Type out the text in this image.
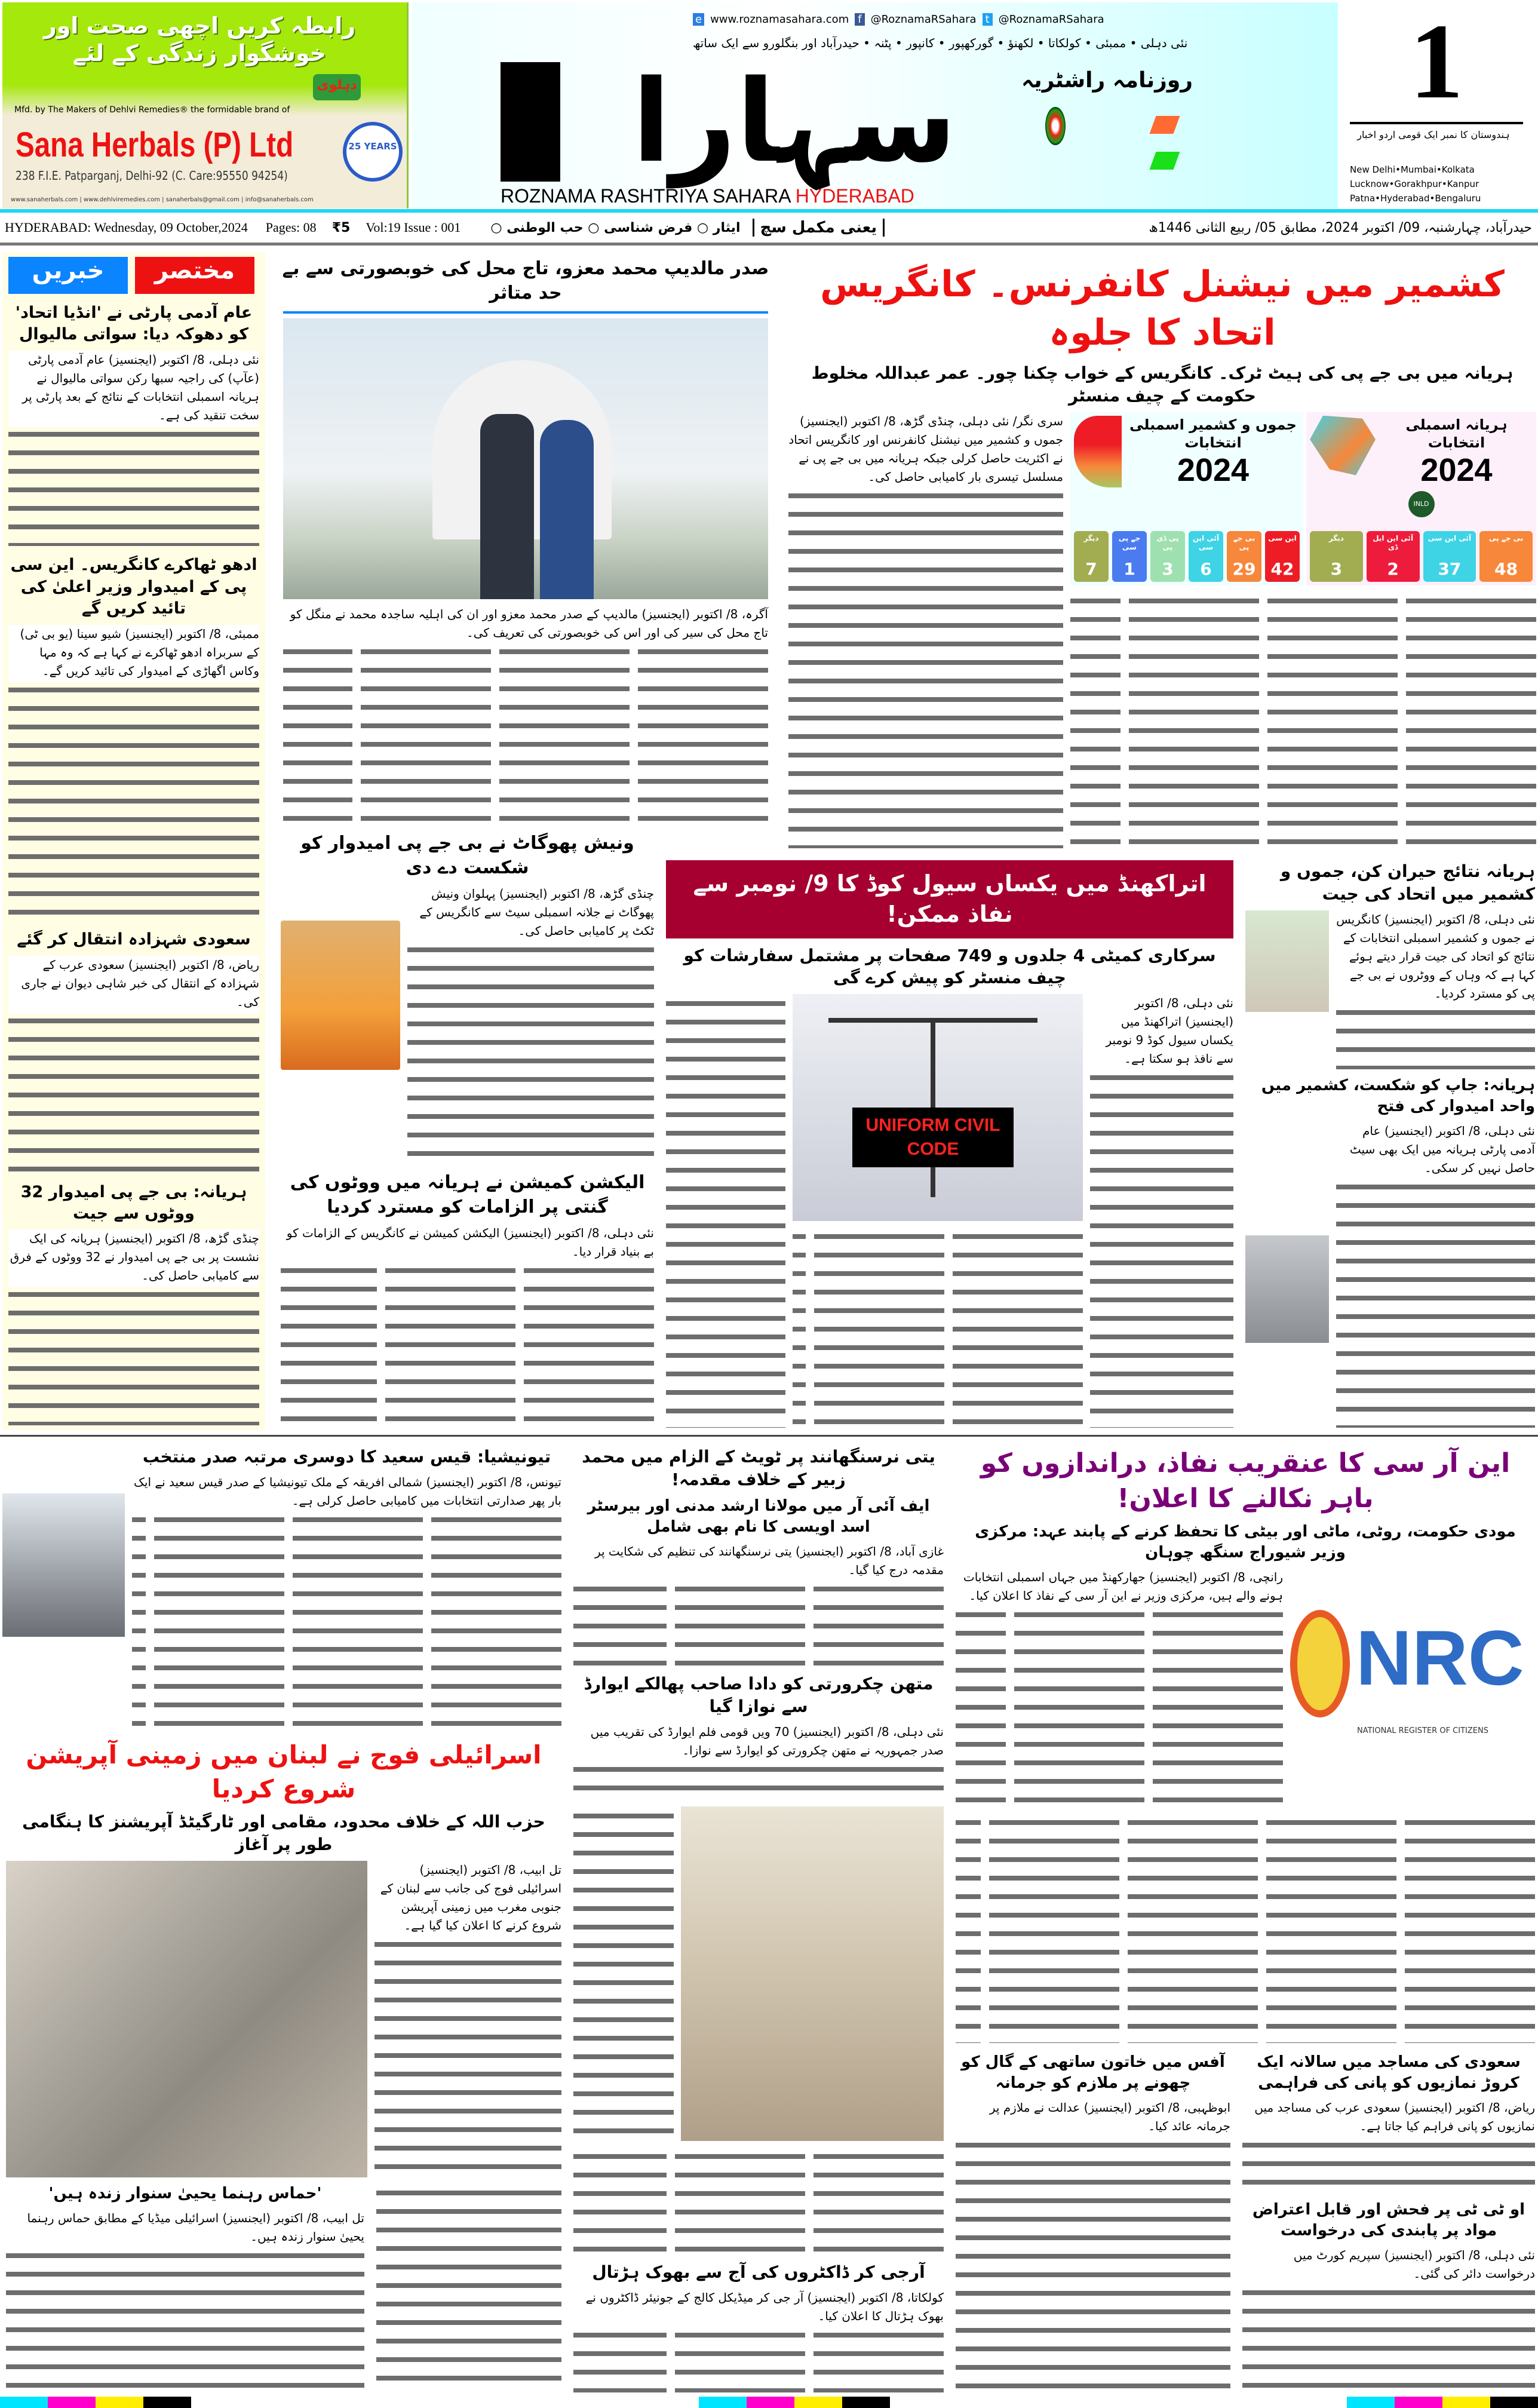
رابطہ کریں اچھی صحت اور خوشگوار زندگی کے لئے
Mfd. by The Makers of Dehlvi Remedies® the formidable brand of
دہلوی
Sana Herbals (P) Ltd
238 F.I.E. Patparganj, Delhi-92 (C. Care:95550 94254)
www.sanaherbals.com | www.dehlviremedies.com | sanaherbals@gmail.com | info@sanaherbals.com
25 YEARS	سہارا	روزنامہ راشٹریہ
ROZNAMA RASHTRIYA SAHARA HYDERABAD
e www.roznamasahara.com f @RoznamaRSahara t @RoznamaRSahara
نئی دہلی • ممبئی • کولکاتا • لکھنؤ • گورکھپور • کانپور • پٹنہ • حیدرآباد اور بنگلورو سے ایک ساتھ 1
ہندوستان کا نمبر ایک قومی اردو اخبار
New Delhi•Mumbai•Kolkata
Lucknow•Gorakhpur•Kanpur
Patna•Hyderabad•Bengaluru
HYDERABAD: Wednesday, 09 October,2024 Pages: 08 ₹5 Vol:19 Issue : 001 ایثار ○ فرض شناسی ○ حب الوطنی ○	یعنی مکمل سچ	حیدرآباد، چہارشنبہ، 09/ اکتوبر 2024، مطابق 05/ ربیع الثانی 1446ھ
خبریں	مختصر
عام آدمی پارٹی نے 'انڈیا اتحاد' کو دھوکہ دیا: سواتی مالیوال
نئی دہلی، 8/ اکتوبر (ایجنسیز) عام آدمی پارٹی (عآپ) کی راجیہ سبھا رکن سواتی مالیوال نے ہریانہ اسمبلی انتخابات کے نتائج کے بعد پارٹی پر سخت تنقید کی ہے۔
ادھو ٹھاکرے کانگریس۔ این سی پی کے امیدوار وزیر اعلیٰ کی تائید کریں گے
ممبئی، 8/ اکتوبر (ایجنسیز) شیو سینا (یو بی ٹی) کے سربراہ ادھو ٹھاکرے نے کہا ہے کہ وہ مہا وکاس اگھاڑی کے امیدوار کی تائید کریں گے۔
سعودی شہزادہ انتقال کر گئے
ریاض، 8/ اکتوبر (ایجنسیز) سعودی عرب کے شہزادہ کے انتقال کی خبر شاہی دیوان نے جاری کی۔
ہریانہ: بی جے پی امیدوار 32 ووٹوں سے جیت
چنڈی گڑھ، 8/ اکتوبر (ایجنسیز) ہریانہ کی ایک نشست پر بی جے پی امیدوار نے 32 ووٹوں کے فرق سے کامیابی حاصل کی۔
صدر مالدیپ محمد معزو، تاج محل کی خوبصورتی سے بے حد متاثر
آگرہ، 8/ اکتوبر (ایجنسیز) مالدیپ کے صدر محمد معزو اور ان کی اہلیہ ساجدہ محمد نے منگل کو تاج محل کی سیر کی اور اس کی خوبصورتی کی تعریف کی۔
ونیش پھوگاٹ نے بی جے پی امیدوار کو شکست دے دی
چنڈی گڑھ، 8/ اکتوبر (ایجنسیز) پہلوان ونیش پھوگاٹ نے جلانہ اسمبلی سیٹ سے کانگریس کے ٹکٹ پر کامیابی حاصل کی۔
الیکشن کمیشن نے ہریانہ میں ووٹوں کی گنتی پر الزامات کو مسترد کردیا
نئی دہلی، 8/ اکتوبر (ایجنسیز) الیکشن کمیشن نے کانگریس کے الزامات کو بے بنیاد قرار دیا۔
کشمیر میں نیشنل کانفرنس۔ کانگریس اتحاد کا جلوہ
ہریانہ میں بی جے پی کی ہیٹ ٹرک۔ کانگریس کے خواب چکنا چور۔ عمر عبداللہ مخلوط حکومت کے چیف منسٹر
ہریانہ اسمبلی انتخابات
2024
INLD
بی جے پی
48
آئی این سی
37
آئی این ایل ڈی
2
دیگر
3
جموں و کشمیر اسمبلی انتخابات
2024
این سی
42
بی جے پی
29
آئی این سی
6
پی ڈی پی
3
جے پی سی
1
دیگر
7
سری نگر/ نئی دہلی، چنڈی گڑھ، 8/ اکتوبر (ایجنسیز) جموں و کشمیر میں نیشنل کانفرنس اور کانگریس اتحاد نے اکثریت حاصل کرلی جبکہ ہریانہ میں بی جے پی نے مسلسل تیسری بار کامیابی حاصل کی۔
اتراکھنڈ میں یکساں سیول کوڈ کا 9/ نومبر سے نفاذ ممکن!
سرکاری کمیٹی 4 جلدوں و 749 صفحات پر مشتمل سفارشات کو چیف منسٹر کو پیش کرے گی
نئی دہلی، 8/ اکتوبر (ایجنسیز) اتراکھنڈ میں یکساں سیول کوڈ 9 نومبر سے نافذ ہو سکتا ہے۔
UNIFORM CIVIL CODE
ہریانہ نتائج حیران کن، جموں و کشمیر میں اتحاد کی جیت
نئی دہلی، 8/ اکتوبر (ایجنسیز) کانگریس نے جموں و کشمیر اسمبلی انتخابات کے نتائج کو اتحاد کی جیت قرار دیتے ہوئے کہا ہے کہ وہاں کے ووٹروں نے بی جے پی کو مسترد کردیا۔
ہریانہ: جاپ کو شکست، کشمیر میں واحد امیدوار کی فتح
نئی دہلی، 8/ اکتوبر (ایجنسیز) عام آدمی پارٹی ہریانہ میں ایک بھی سیٹ حاصل نہیں کر سکی۔
این آر سی کا عنقریب نفاذ، دراندازوں کو باہر نکالنے کا اعلان!
مودی حکومت، روٹی، ماٹی اور بیٹی کا تحفظ کرنے کے پابند عہد: مرکزی وزیر شیوراج سنگھ چوہان
NRC
NATIONAL REGISTER OF CITIZENS
رانچی، 8/ اکتوبر (ایجنسیز) جھارکھنڈ میں جہاں اسمبلی انتخابات ہونے والے ہیں، مرکزی وزیر نے این آر سی کے نفاذ کا اعلان کیا۔
یتی نرسنگھانند پر ٹویٹ کے الزام میں محمد زبیر کے خلاف مقدمہ!
ایف آئی آر میں مولانا ارشد مدنی اور بیرسٹر اسد اویسی کا نام بھی شامل
غازی آباد، 8/ اکتوبر (ایجنسیز) یتی نرسنگھانند کی تنظیم کی شکایت پر مقدمہ درج کیا گیا۔
تیونیشیا: قیس سعید کا دوسری مرتبہ صدر منتخب
تیونس، 8/ اکتوبر (ایجنسیز) شمالی افریقہ کے ملک تیونیشیا کے صدر قیس سعید نے ایک بار پھر صدارتی انتخابات میں کامیابی حاصل کرلی ہے۔
اسرائیلی فوج نے لبنان میں زمینی آپریشن شروع کردیا
حزب اللہ کے خلاف محدود، مقامی اور ٹارگیٹڈ آپریشنز کا ہنگامی طور پر آغاز
تل ابیب، 8/ اکتوبر (ایجنسیز) اسرائیلی فوج کی جانب سے لبنان کے جنوبی مغرب میں زمینی آپریشن شروع کرنے کا اعلان کیا گیا ہے۔
'حماس رہنما یحییٰ سنوار زندہ ہیں'
تل ابیب، 8/ اکتوبر (ایجنسیز) اسرائیلی میڈیا کے مطابق حماس رہنما یحییٰ سنوار زندہ ہیں۔
متھن چکرورتی کو دادا صاحب پھالکے ایوارڈ سے نوازا گیا
نئی دہلی، 8/ اکتوبر (ایجنسیز) 70 ویں قومی فلم ایوارڈ کی تقریب میں صدر جمہوریہ نے متھن چکرورتی کو ایوارڈ سے نوازا۔
آرجی کر ڈاکٹروں کی آج سے بھوک ہڑتال
کولکاتا، 8/ اکتوبر (ایجنسیز) آر جی کر میڈیکل کالج کے جونیئر ڈاکٹروں نے بھوک ہڑتال کا اعلان کیا۔
آفس میں خاتون ساتھی کے گال کو چھونے پر ملازم کو جرمانہ
ابوظہبی، 8/ اکتوبر (ایجنسیز) عدالت نے ملازم پر جرمانہ عائد کیا۔
سعودی کی مساجد میں سالانہ ایک کروڑ نمازیوں کو پانی کی فراہمی
ریاض، 8/ اکتوبر (ایجنسیز) سعودی عرب کی مساجد میں نمازیوں کو پانی فراہم کیا جاتا ہے۔
او ٹی ٹی پر فحش اور قابل اعتراض مواد پر پابندی کی درخواست
نئی دہلی، 8/ اکتوبر (ایجنسیز) سپریم کورٹ میں درخواست دائر کی گئی۔
